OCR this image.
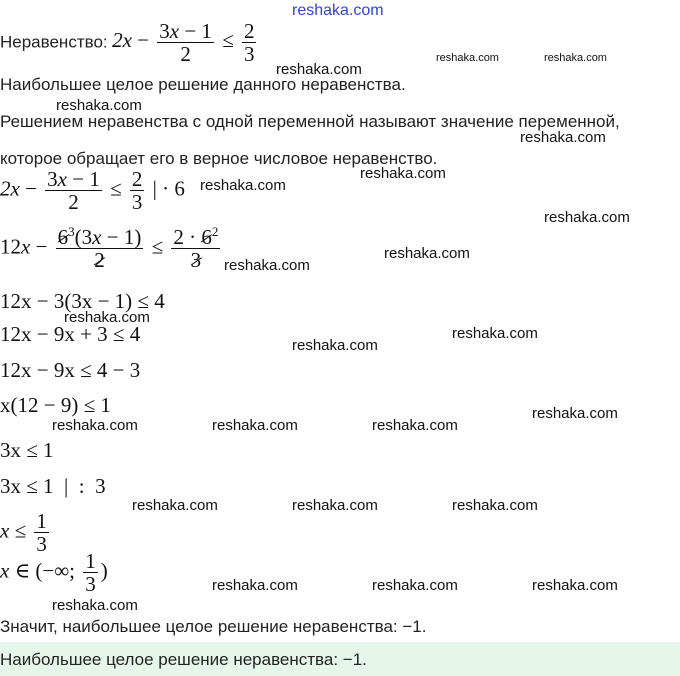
reshaka.com
Неравенство: $2x - \frac{3x - 1}{2} \le \frac{2}{3}$	reshaka.com	reshaka.com
reshaka.com
Наибольшее целое решение данного неравенства.
reshaka.com
Решением неравенства с одной переменной называют значение переменной,
reshaka.com
которое обращает его в верное числовое неравенство.
reshaka.com
$2x - \frac{3x - 1}{2} \le \frac{2}{3}$ | · 6 reshaka.com
reshaka.com
$12x - \frac{6^3(3x - 1)}{2} \le \frac{2 \cdot 6^2}{3}$ reshaka.com
reshaka.com
12x − 3(3x − 1) ≤ 4
reshaka.com
12x − 9x + 3 ≤ 4	reshaka.com
reshaka.com
12x − 9x ≤ 4 − 3
x(12 − 9) ≤ 1	reshaka.com
reshaka.com	reshaka.com	reshaka.com
3x ≤ 1
3x ≤ 1  |  :  3
reshaka.com	reshaka.com	reshaka.com
$x \le \frac{1}{3}$
x ∈ (−∞; $\frac{1}{3}$ )
reshaka.com	reshaka.com	reshaka.com
reshaka.com
Значит, наибольшее целое решение неравенства: −1.
Наибольшее целое решение неравенства: −1.
